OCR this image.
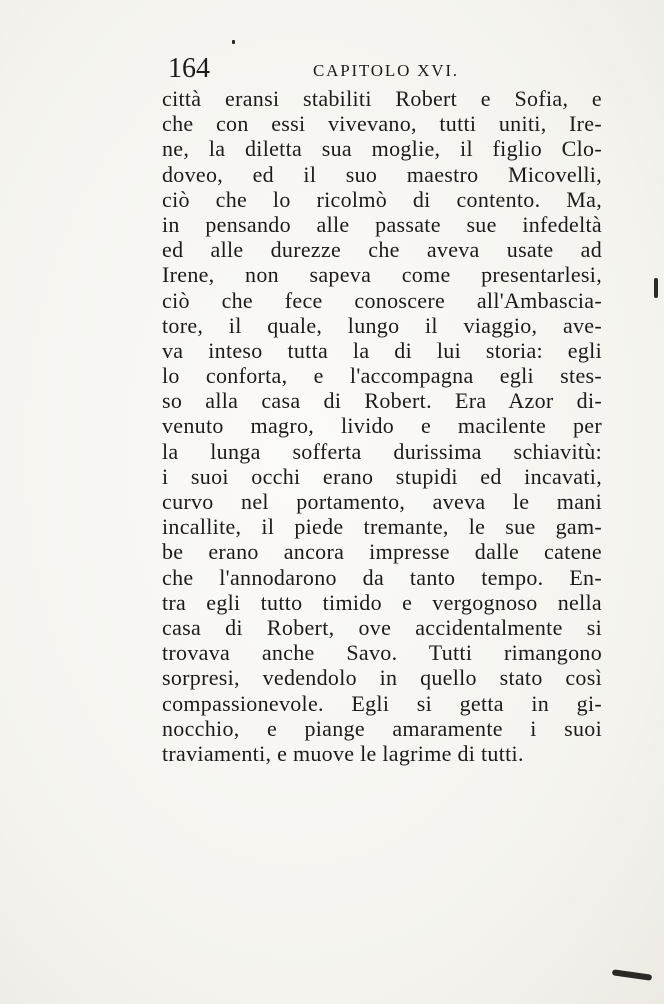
164	CAPITOLO XVI.
città eransi stabiliti Robert e Sofia, e
che con essi vivevano, tutti uniti, Ire-
ne, la diletta sua moglie, il figlio Clo-
doveo, ed il suo maestro Micovelli,
ciò che lo ricolmò di contento. Ma,
in pensando alle passate sue infedeltà
ed alle durezze che aveva usate ad
Irene, non sapeva come presentarlesi,
ciò che fece conoscere all'Ambascia-
tore, il quale, lungo il viaggio, ave-
va inteso tutta la di lui storia: egli
lo conforta, e l'accompagna egli stes-
so alla casa di Robert. Era Azor di-
venuto magro, livido e macilente per
la lunga sofferta durissima schiavitù:
i suoi occhi erano stupidi ed incavati,
curvo nel portamento, aveva le mani
incallite, il piede tremante, le sue gam-
be erano ancora impresse dalle catene
che l'annodarono da tanto tempo. En-
tra egli tutto timido e vergognoso nella
casa di Robert, ove accidentalmente si
trovava anche Savo. Tutti rimangono
sorpresi, vedendolo in quello stato così
compassionevole. Egli si getta in gi-
nocchio, e piange amaramente i suoi
traviamenti, e muove le lagrime di tutti.
